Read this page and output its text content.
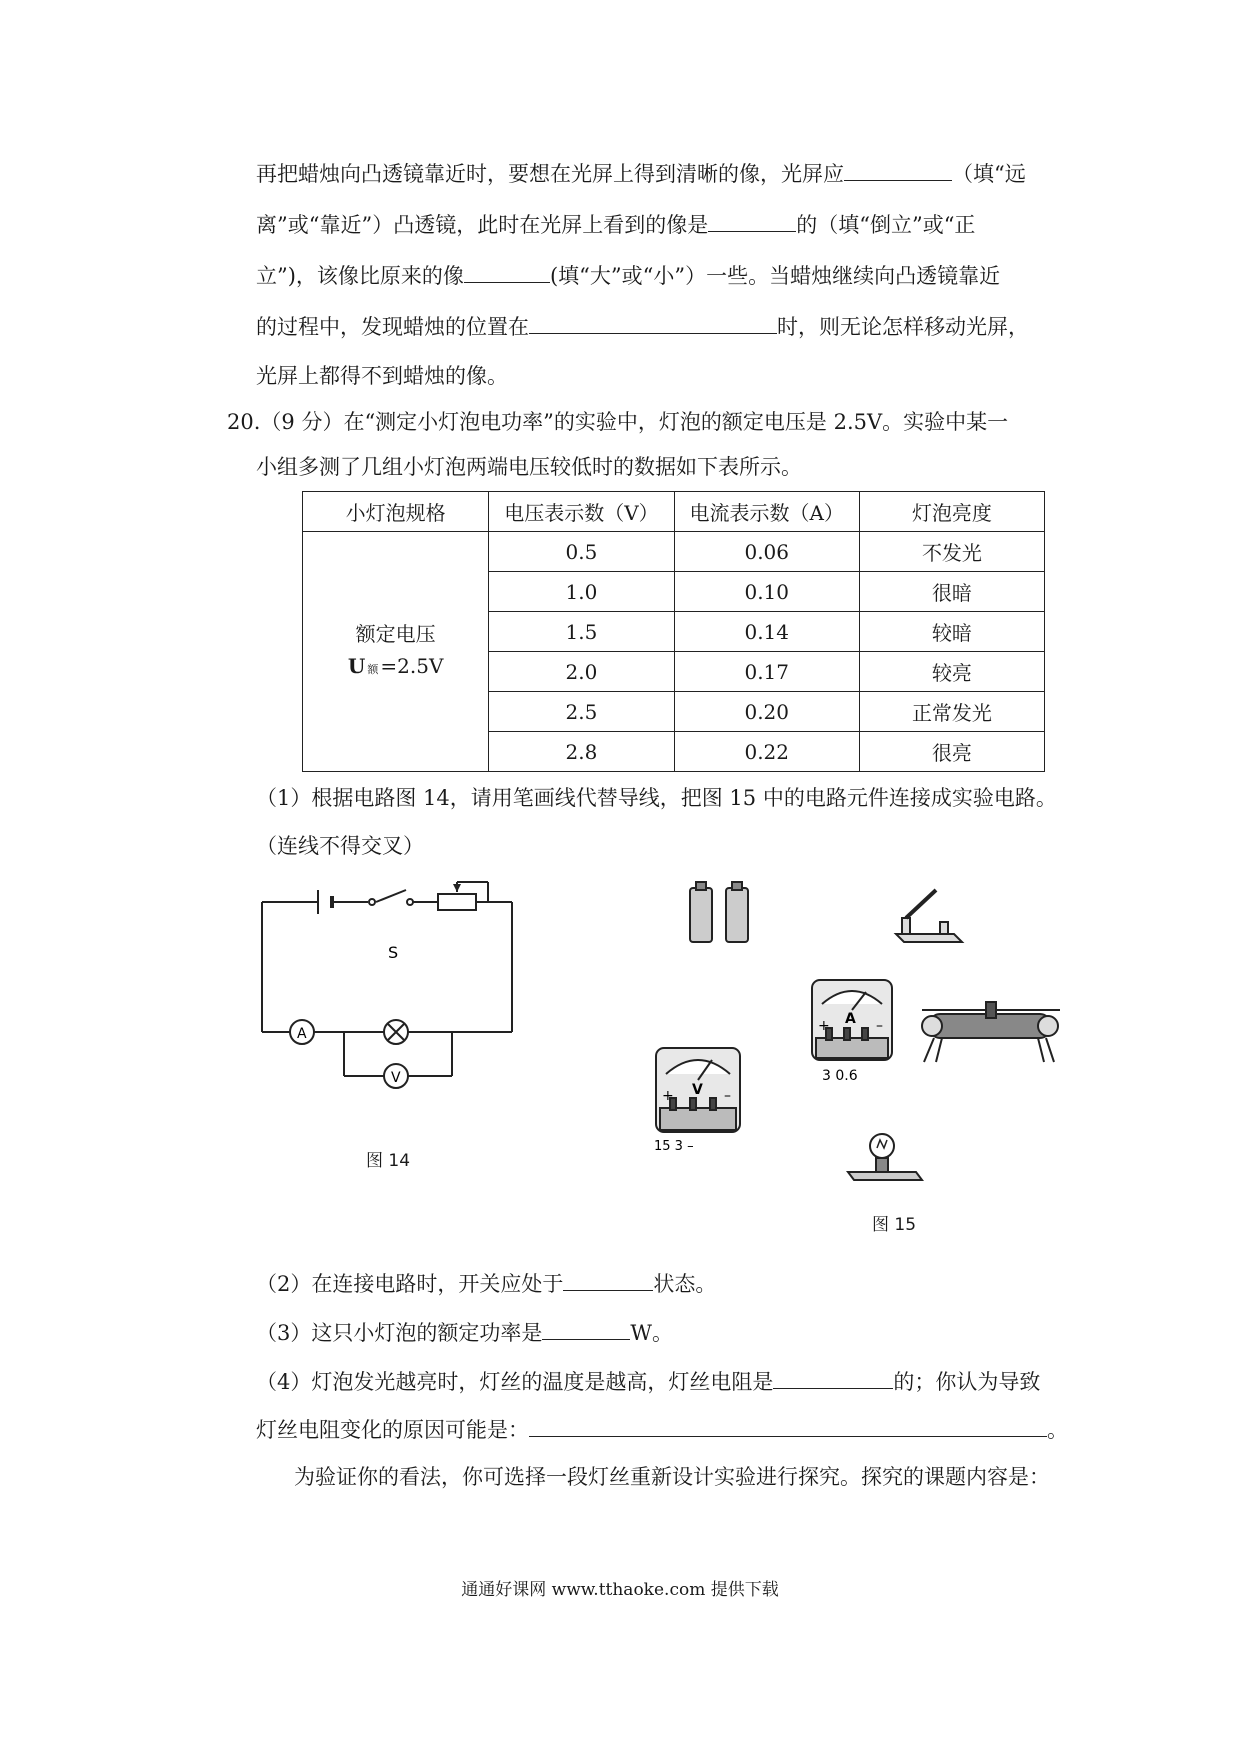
再把蜡烛向凸透镜靠近时，要想在光屏上得到清晰的像，光屏应	（填“远
离”或“靠近”）凸透镜，此时在光屏上看到的像是	的（填“倒立”或“正
立”)，该像比原来的像	(填“大”或“小”）一些。当蜡烛继续向凸透镜靠近
的过程中，发现蜡烛的位置在	时，则无论怎样移动光屏，
光屏上都得不到蜡烛的像。
20.（9 分）在“测定小灯泡电功率”的实验中，灯泡的额定电压是 2.5V。实验中某一
小组多测了几组小灯泡两端电压较低时的数据如下表所示。
小灯泡规格	电压表示数（V）	电流表示数（A）	灯泡亮度

额定电压
U额 =2.5V	0.5	0.06	不发光
	1.0	0.10	很暗
	1.5	0.14	较暗
	2.0	0.17	较亮
	2.5	0.20	正常发光
	2.8	0.22	很亮
（1）根据电路图 14，请用笔画线代替导线，把图 15 中的电路元件连接成实验电路。
（连线不得交叉）
S
A
V
图 14
A
+	–
3 0.6
V
+	–
15 3 –
图 15
（2）在连接电路时，开关应处于	状态。
（3）这只小灯泡的额定功率是	W。
（4）灯泡发光越亮时，灯丝的温度是越高，灯丝电阻是	的；你认为导致
灯丝电阻变化的原因可能是：	。
为验证你的看法，你可选择一段灯丝重新设计实验进行探究。探究的课题内容是：
通通好课网 www.tthaoke.com 提供下载
